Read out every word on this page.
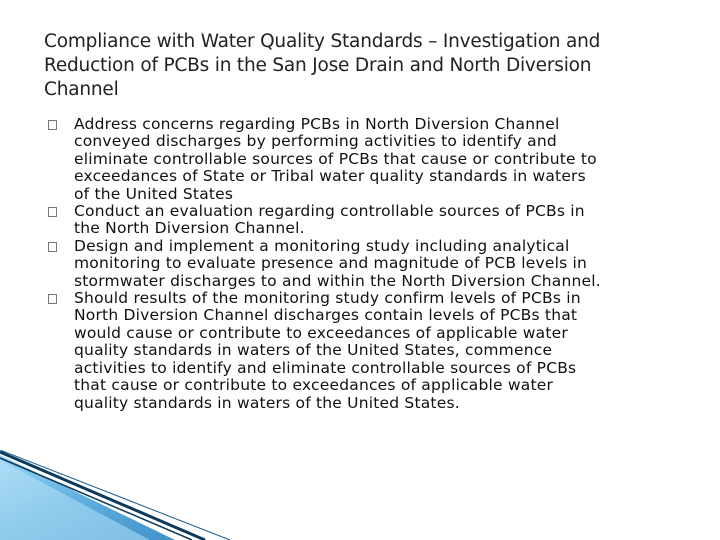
Compliance with Water Quality Standards – Investigation and
Reduction of PCBs in the San Jose Drain and North Diversion
Channel
Address concerns regarding PCBs in North Diversion Channel
conveyed discharges by performing activities to identify and
eliminate controllable sources of PCBs that cause or contribute to
exceedances of State or Tribal water quality standards in waters
of the United States
Conduct an evaluation regarding controllable sources of PCBs in
the North Diversion Channel.
Design and implement a monitoring study including analytical
monitoring to evaluate presence and magnitude of PCB levels in
stormwater discharges to and within the North Diversion Channel.
Should results of the monitoring study confirm levels of PCBs in
North Diversion Channel discharges contain levels of PCBs that
would cause or contribute to exceedances of applicable water
quality standards in waters of the United States, commence
activities to identify and eliminate controllable sources of PCBs
that cause or contribute to exceedances of applicable water
quality standards in waters of the United States.
